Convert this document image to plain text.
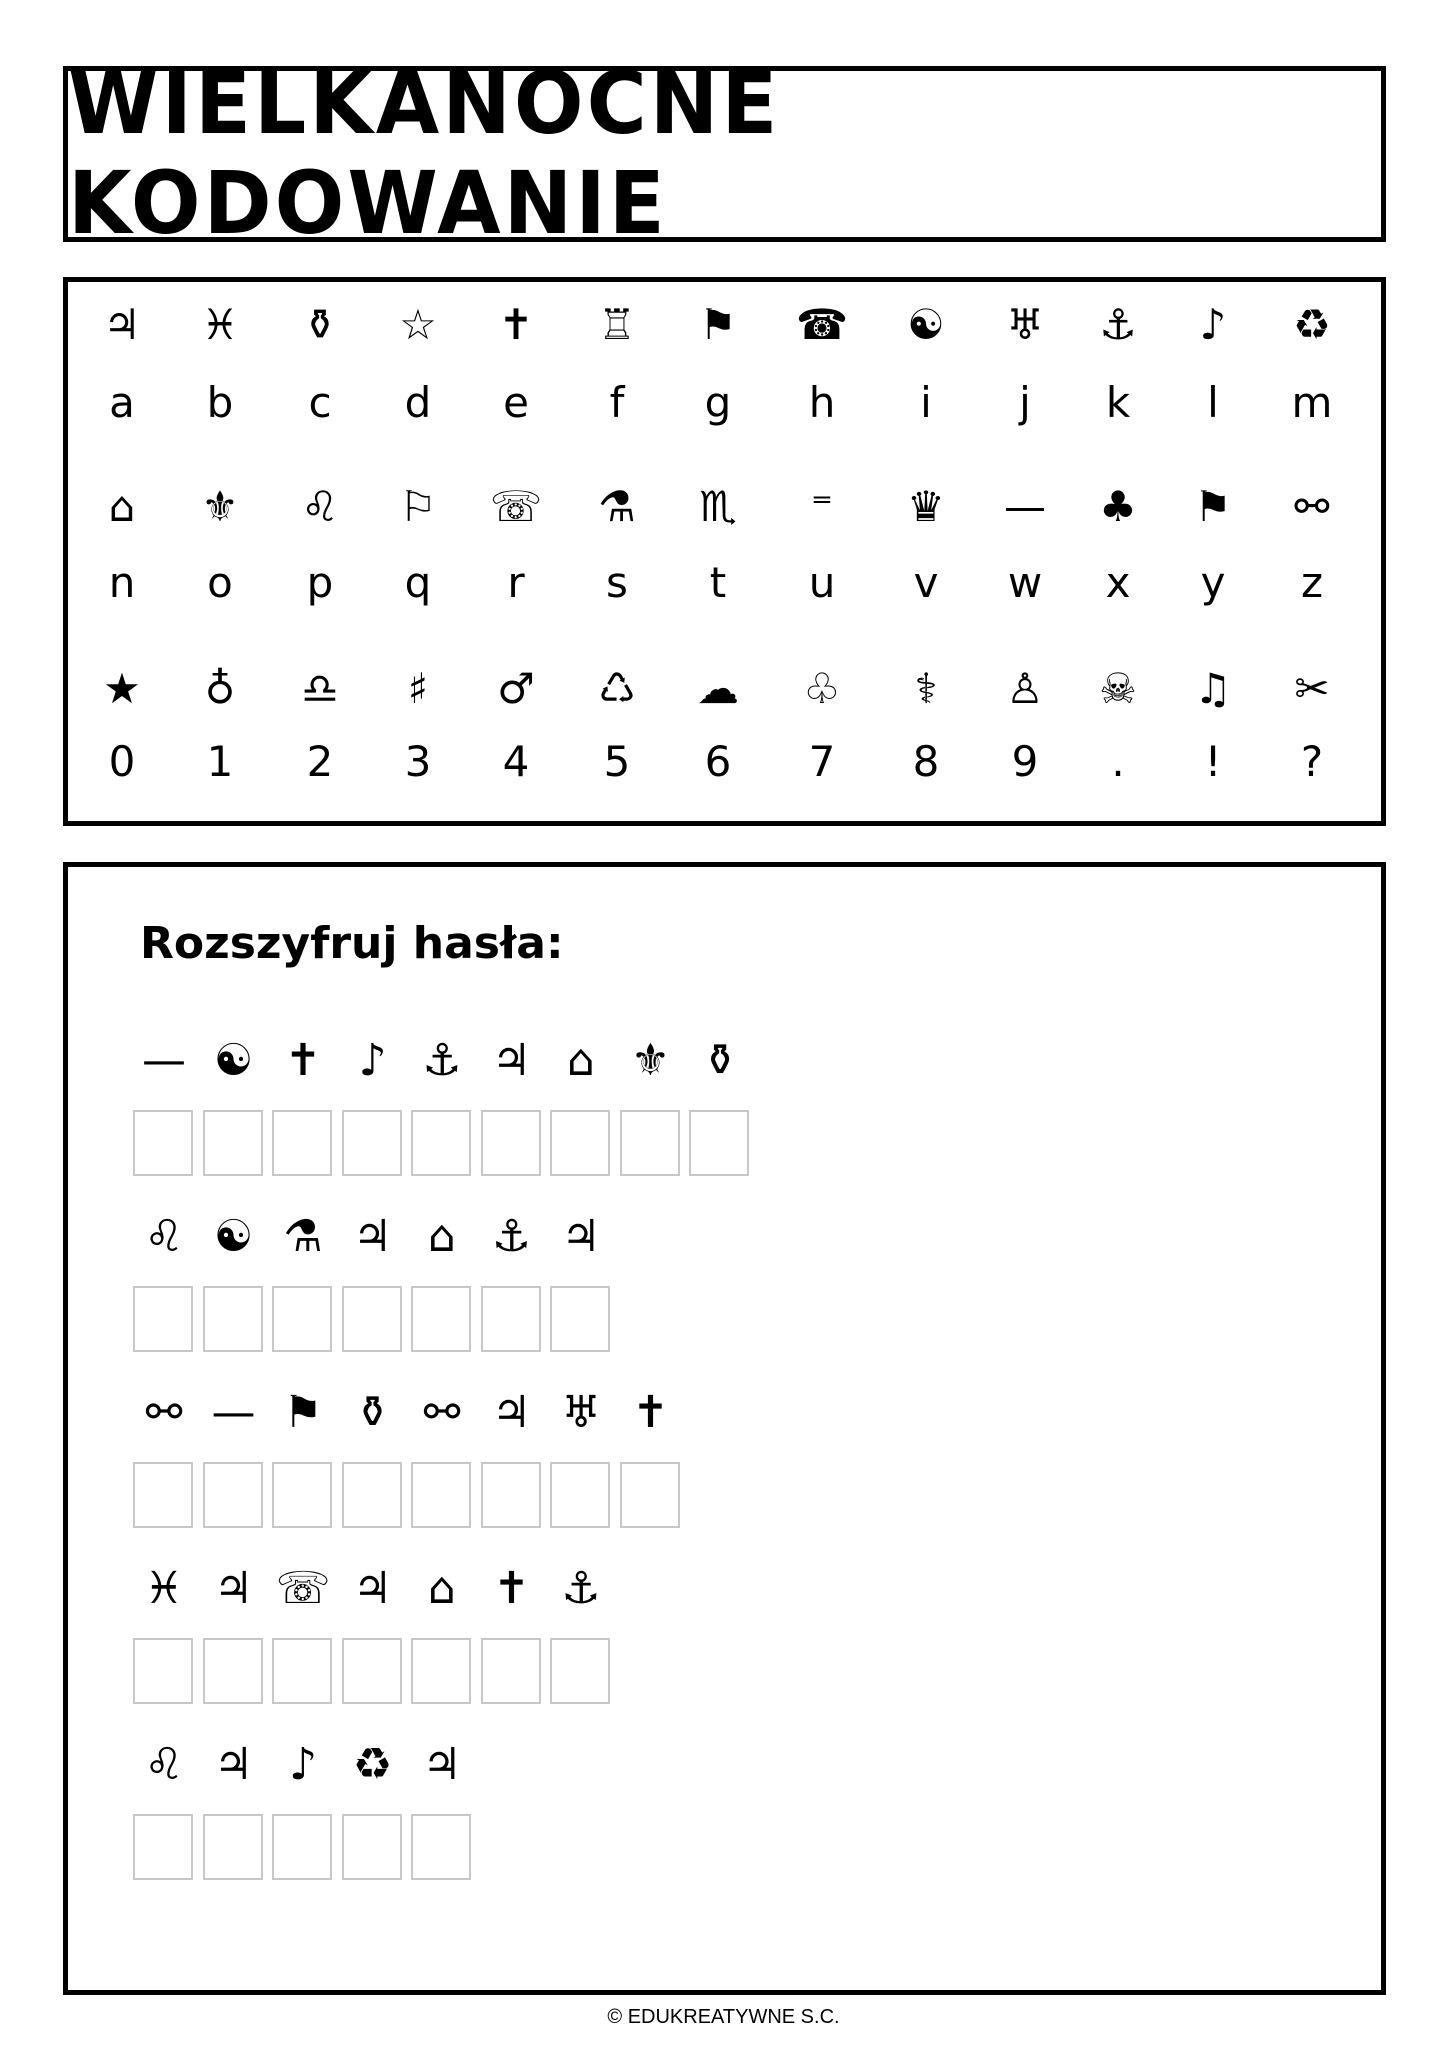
WIELKANOCNE KODOWANIE
♃
a
♓
b
⚱
c
☆
d
✝
e
♖
f
⚑
g
☎
h
☯
i
♅
j
⚓
k
♪
l
♻
m
⌂
n
⚜
o
♌
p
⚐
q
☏
r
⚗
s
♏
t
⁼
u
♛
v
—
w
♣
x
⚑
y
⚯
z
★
0
♁
1
♎
2
♯
3
♂
4
♺
5
☁
6
♧
7
⚕
8
♙
9
☠
.
♫
!
✂
?
Rozszyfruj hasła:
— ☯ ✝ ♪ ⚓ ♃ ⌂ ⚜ ⚱
♌ ☯ ⚗ ♃ ⌂ ⚓ ♃
⚯ — ⚑ ⚱ ⚯ ♃ ♅ ✝
♓ ♃ ☏ ♃ ⌂ ✝ ⚓
♌ ♃ ♪ ♻ ♃
© EDUKREATYWNE S.C.
